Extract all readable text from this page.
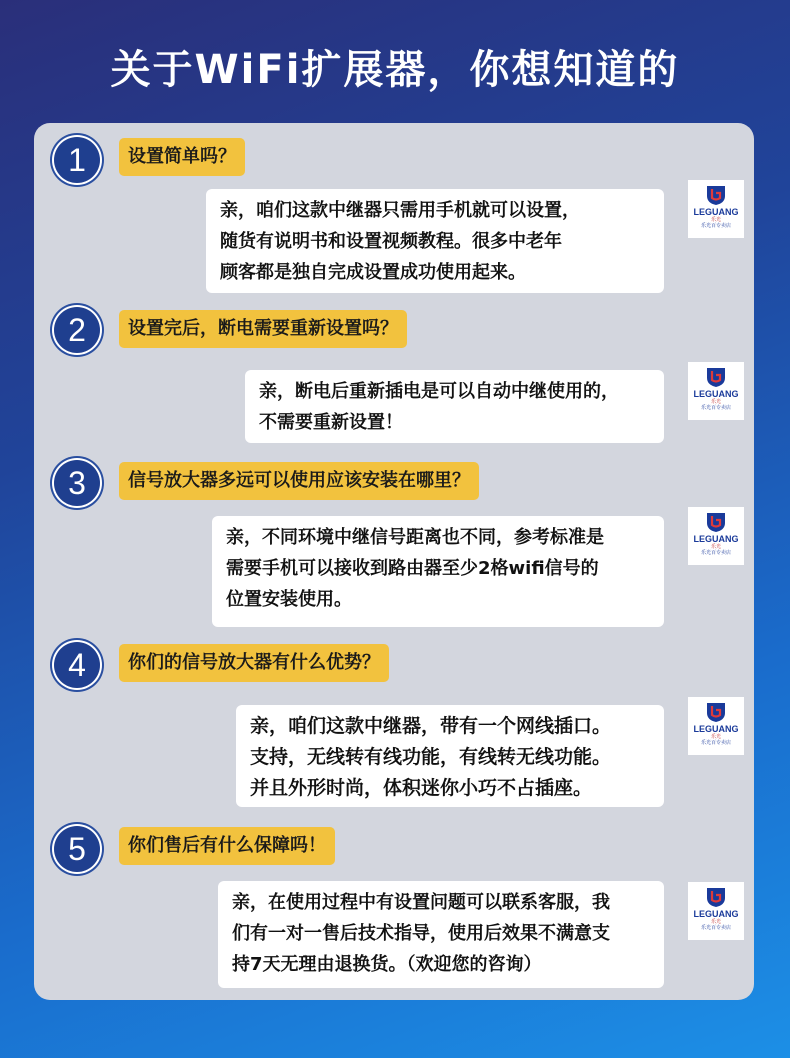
关于WiFi扩展器，你想知道的
1	设置简单吗？
亲，咱们这款中继器只需用手机就可以设置，
随货有说明书和设置视频教程。很多中老年
顾客都是独自完成设置成功使用起来。
LEGUANG
乐光
乐光百专卖店
2	设置完后，断电需要重新设置吗？
亲，断电后重新插电是可以自动中继使用的，
不需要重新设置！
LEGUANG
乐光
乐光百专卖店
3	信号放大器多远可以使用应该安装在哪里？
亲，不同环境中继信号距离也不同，参考标准是
需要手机可以接收到路由器至少2格wifi信号的
位置安装使用。
LEGUANG
乐光
乐光百专卖店
4	你们的信号放大器有什么优势？
亲，咱们这款中继器，带有一个网线插口。
支持，无线转有线功能，有线转无线功能。
并且外形时尚，体积迷你小巧不占插座。
LEGUANG
乐光
乐光百专卖店
5	你们售后有什么保障吗！
亲，在使用过程中有设置问题可以联系客服，我
们有一对一售后技术指导，使用后效果不满意支
持7天无理由退换货。（欢迎您的咨询）
LEGUANG
乐光
乐光百专卖店
